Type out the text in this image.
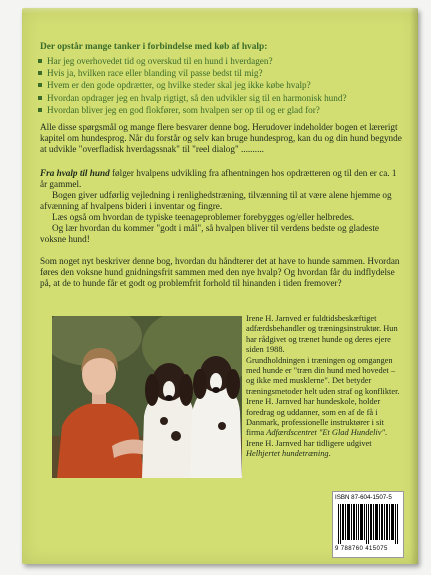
Der opstår mange tanker i forbindelse med køb af hvalp:
Har jeg overhovedet tid og overskud til en hund i hverdagen?
Hvis ja, hvilken race eller blanding vil passe bedst til mig?
Hvem er den gode opdrætter, og hvilke steder skal jeg ikke købe hvalp?
Hvordan opdrager jeg en hvalp rigtigt, så den udvikler sig til en harmonisk hund?
Hvordan bliver jeg en god flokfører, som hvalpen ser op til og er glad for?
Alle disse spørgsmål og mange flere besvarer denne bog. Herudover indeholder bogen et lærerigt kapitel om hundesprog. Når du forstår og selv kan bruge hundesprog, kan du og din hund begynde at udvikle "overfladisk hverdagssnak" til "reel dialog" ..........
Fra hvalp til hund følger hvalpens udvikling fra afhentningen hos opdrætteren og til den er ca. 1 år gammel.
Bogen giver udførlig vejledning i renlighedstræning, tilvænning til at være alene hjemme og afvænning af hvalpens bideri i inventar og fingre.
Læs også om hvordan de typiske teenageproblemer forebygges og/eller helbredes.
Og lær hvordan du kommer "godt i mål", så hvalpen bliver til verdens bedste og gladeste voksne hund!
Som noget nyt beskriver denne bog, hvordan du håndterer det at have to hunde sammen. Hvordan føres den voksne hund gnidningsfrit sammen med den nye hvalp? Og hvordan får du indflydelse på, at de to hunde får et godt og problemfrit forhold til hinanden i tiden fremover?
Irene H. Jarnved er fuldtidsbeskæftiget adfærdsbehandler og træningsinstruktør. Hun har rådgivet og trænet hunde og deres ejere siden 1988.
Grundholdningen i træningen og omgangen med hunde er "træn din hund med hovedet – og ikke med musklerne". Det betyder træningsmetoder helt uden straf og konflikter.
Irene H. Jarnved har hundeskole, holder foredrag og uddanner, som en af de få i Danmark, professionelle instruktører i sit firma Adfærdscentret "Et Glad Hundeliv".
Irene H. Jarnved har tidligere udgivet Helhjertet hundetræning.
ISBN 87-604-1507-5
9 788760 415075
